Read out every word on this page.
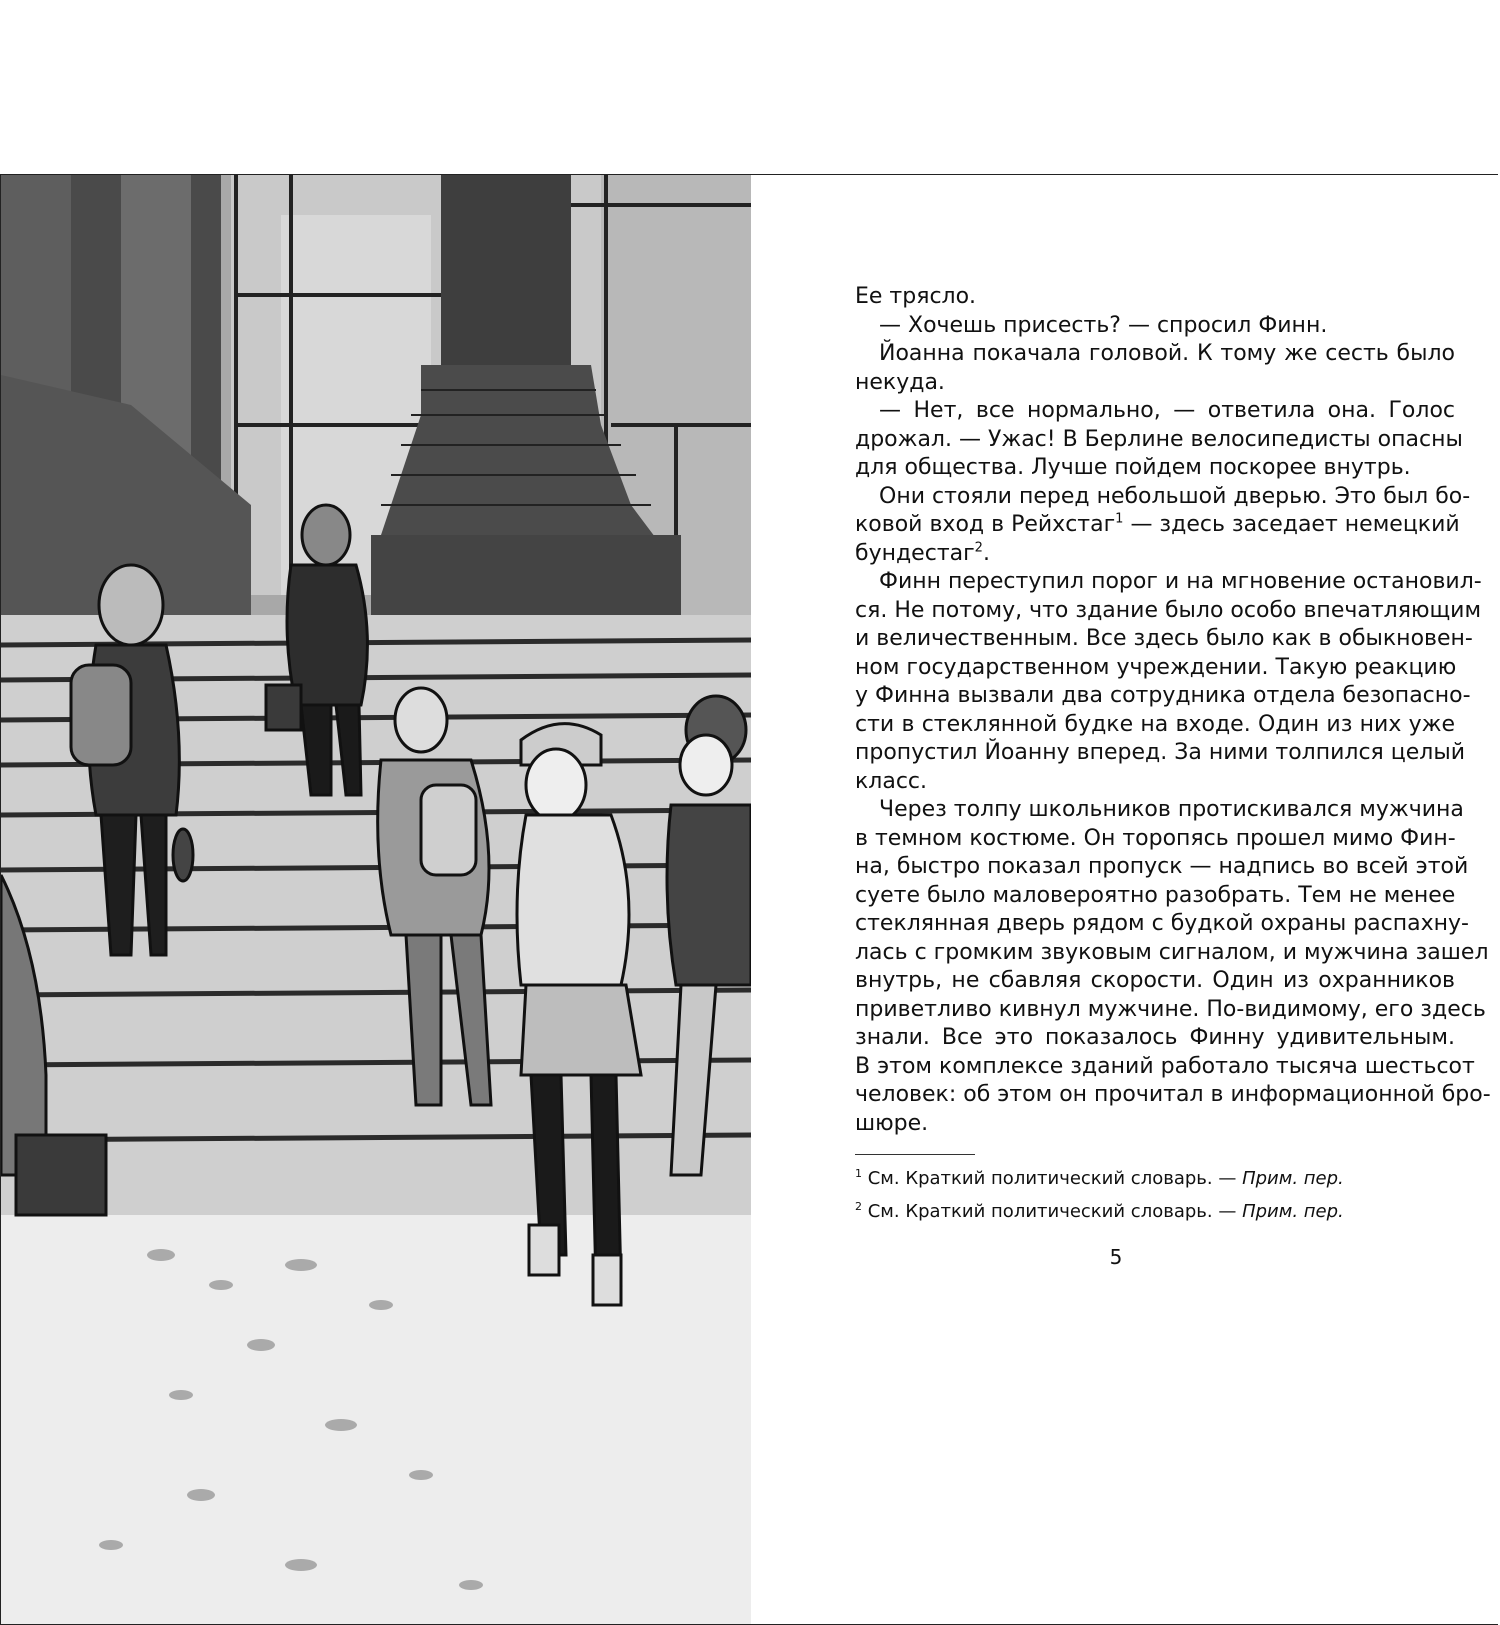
Ее трясло.

— Хочешь присесть? — спросил Финн.

Йоанна покачала головой. К тому же сесть было
некуда.

— Нет, все нормально, — ответила она. Голос
дрожал. — Ужас! В Берлине велосипедисты опасны
для общества. Лучше пойдем поскорее внутрь.

Они стояли перед небольшой дверью. Это был бо-
ковой вход в Рейхстаг$^1$ — здесь заседает немецкий
бундестаг$^2$.

Финн переступил порог и на мгновение остановил-
ся. Не потому, что здание было особо впечатляющим
и величественным. Все здесь было как в обыкновен-
ном государственном учреждении. Такую реакцию
у Финна вызвали два сотрудника отдела безопасно-
сти в стеклянной будке на входе. Один из них уже
пропустил Йоанну вперед. За ними толпился целый
класс.

Через толпу школьников протискивался мужчина
в темном костюме. Он торопясь прошел мимо Фин-
на, быстро показал пропуск — надпись во всей этой
суете было маловероятно разобрать. Тем не менее
стеклянная дверь рядом с будкой охраны распахну-
лась с громким звуковым сигналом, и мужчина зашел
внутрь, не сбавляя скорости. Один из охранников
приветливо кивнул мужчине. По-видимому, его здесь
знали. Все это показалось Финну удивительным.
В этом комплексе зданий работало тысяча шестьсот
человек: об этом он прочитал в информационной бро-
шюре.

$^1$ См. Краткий политический словарь. — Прим. пер.
$^2$ См. Краткий политический словарь. — Прим. пер.
5
